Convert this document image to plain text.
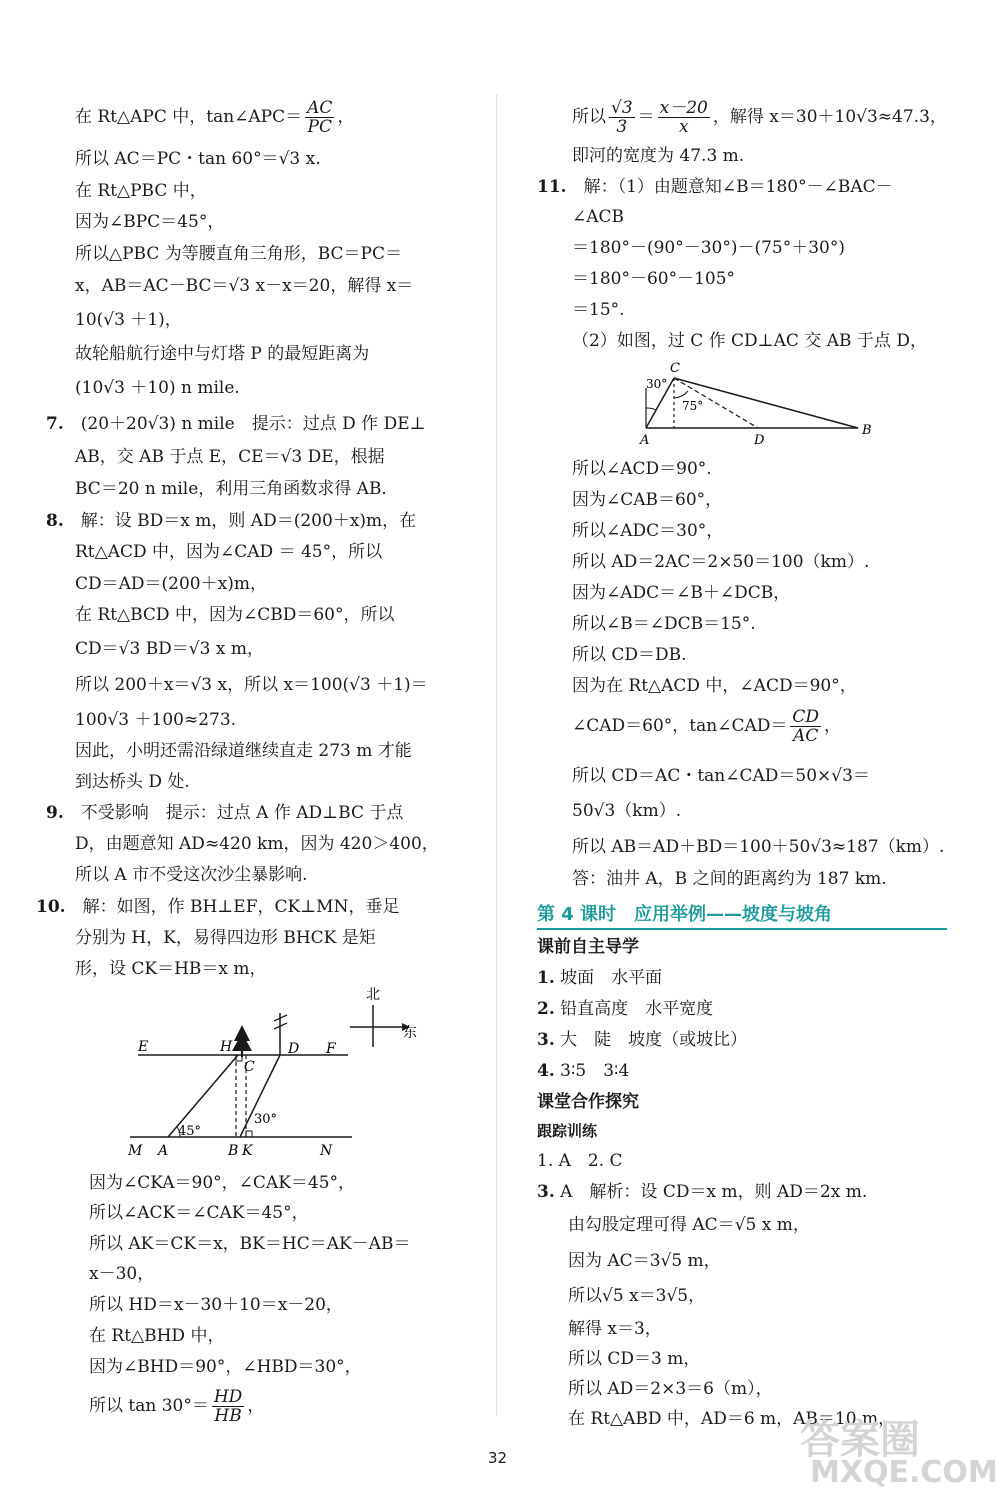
在 Rt△APC 中，tan∠APC＝ $\frac{AC}{PC}$ ，
所以 AC＝PC・tan 60°＝√3 x.
在 Rt△PBC 中，
因为∠BPC＝45°，
所以△PBC 为等腰直角三角形，BC＝PC＝
x，AB＝AC－BC＝√3 x－x＝20，解得 x＝
10(√3 ＋1)，
故轮船航行途中与灯塔 P 的最短距离为
(10√3 ＋10) n mile.
7.　 (20＋20√3) n mile　提示：过点 D 作 DE⊥
AB，交 AB 于点 E，CE＝√3 DE，根据
BC＝20 n mile，利用三角函数求得 AB.
8.　 解：设 BD＝x m，则 AD＝(200＋x)m，在
Rt△ACD 中，因为∠CAD ＝ 45°，所以
CD＝AD＝(200＋x)m，
在 Rt△BCD 中，因为∠CBD＝60°，所以
CD＝√3 BD＝√3 x m，
所以 200＋x＝√3 x，所以 x＝100(√3 ＋1)＝
100√3 ＋100≈273.
因此，小明还需沿绿道继续直走 273 m 才能
到达桥头 D 处.
9.　 不受影响　提示：过点 A 作 AD⊥BC 于点
D，由题意知 AD≈420 km，因为 420＞400，
所以 A 市不受这次沙尘暴影响.
10.　 解：如图，作 BH⊥EF，CK⊥MN，垂足
分别为 H，K，易得四边形 BHCK 是矩
形，设 CK＝HB＝x m，
北
东
E	H
C
D F
45°
30°
M A	B K	N
因为∠CKA＝90°，∠CAK＝45°，
所以∠ACK＝∠CAK＝45°，
所以 AK＝CK＝x，BK＝HC＝AK－AB＝
x－30，
所以 HD＝x－30＋10＝x－20，
在 Rt△BHD 中，
因为∠BHD＝90°，∠HBD＝30°，
所以 $\tan 30^\circ= \frac{HD}{HB}$ ，
所以 $\frac{√3}{3} = \frac{x-20}{x}$ ，解得 x＝30＋10√3≈47.3，
即河的宽度为 47.3 m.
11.　 解：（1）由题意知∠B＝180°－∠BAC－
∠ACB
＝180°－(90°－30°)－(75°＋30°)
＝180°－60°－105°
＝15°.
（2）如图，过 C 作 CD⊥AC 交 AB 于点 D，
C
30°
75°
A	D
B
所以∠ACD＝90°.
因为∠CAB＝60°，
所以∠ADC＝30°，
所以 AD＝2AC＝2×50＝100（km）.
因为∠ADC＝∠B＋∠DCB，
所以∠B＝∠DCB＝15°.
所以 CD＝DB.
因为在 Rt△ACD 中，∠ACD＝90°，
∠CAD＝60°，tan∠CAD＝ $\frac{CD}{AC}$ ，
所以 CD＝AC・tan∠CAD＝50×√3＝
50√3（km）.
所以 AB＝AD＋BD＝100＋50√3≈187（km）.
答：油井 A，B 之间的距离约为 187 km.
第 4 课时　应用举例——坡度与坡角
课前自主导学
1. 坡面　水平面
2. 铅直高度　水平宽度
3. 大　陡　坡度（或坡比）
4. 3∶5　3∶4
课堂合作探究
跟踪训练
1. A　2. C
3. A　解析：设 CD＝x m，则 AD＝2x m.
由勾股定理可得 AC＝√5 x m，
因为 AC＝3√5 m，
所以√5 x＝3√5，
解得 x＝3，
所以 CD＝3 m，
所以 AD＝2×3＝6（m），
在 Rt△ABD 中，AD＝6 m，AB＝10 m，
32	答案圈
MXQE.COM
